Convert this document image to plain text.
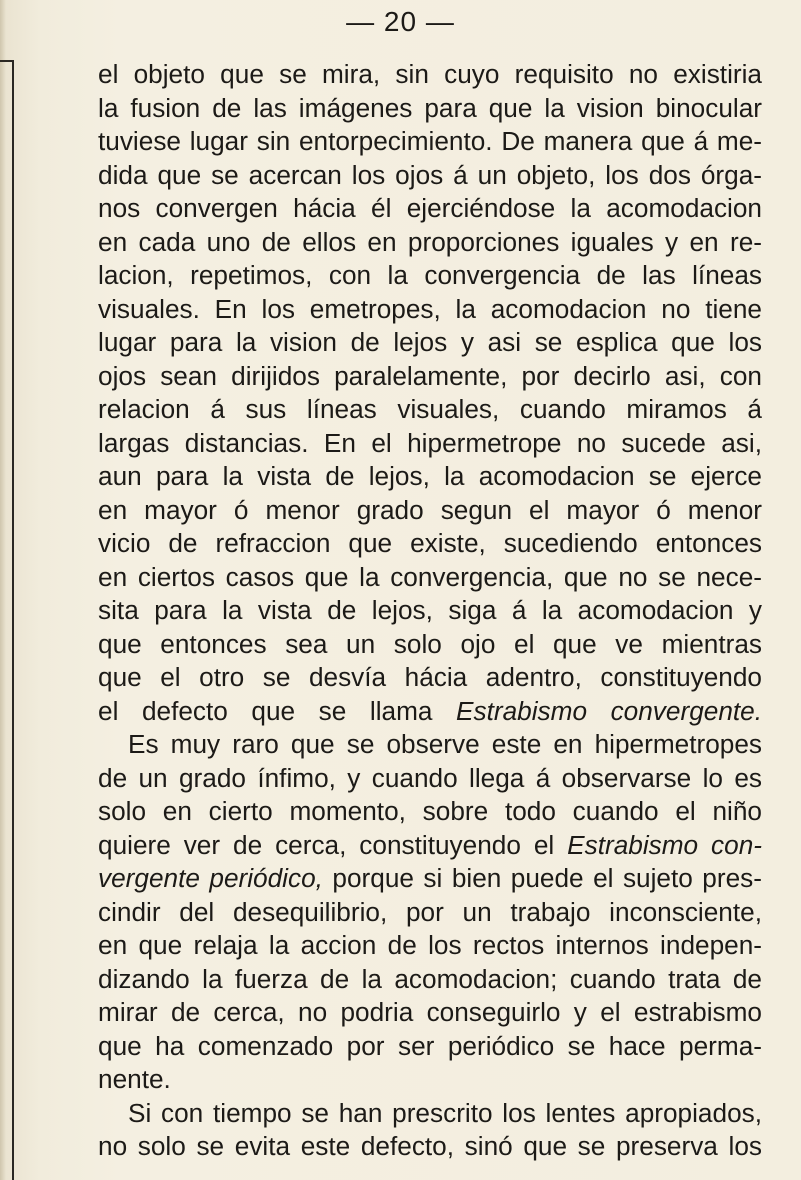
— 20 —
el objeto que se mira, sin cuyo requisito no existiria
la fusion de las imágenes para que la vision binocular
tuviese lugar sin entorpecimiento. De manera que á me-
dida que se acercan los ojos á un objeto, los dos órga-
nos convergen hácia él ejerciéndose la acomodacion
en cada uno de ellos en proporciones iguales y en re-
lacion, repetimos, con la convergencia de las líneas
visuales. En los emetropes, la acomodacion no tiene
lugar para la vision de lejos y asi se esplica que los
ojos sean dirijidos paralelamente, por decirlo asi, con
relacion á sus líneas visuales, cuando miramos á
largas distancias. En el hipermetrope no sucede asi,
aun para la vista de lejos, la acomodacion se ejerce
en mayor ó menor grado segun el mayor ó menor
vicio de refraccion que existe, sucediendo entonces
en ciertos casos que la convergencia, que no se nece-
sita para la vista de lejos, siga á la acomodacion y
que entonces sea un solo ojo el que ve mientras
que el otro se desvía hácia adentro, constituyendo
el defecto que se llama Estrabismo convergente.
Es muy raro que se observe este en hipermetropes
de un grado ínfimo, y cuando llega á observarse lo es
solo en cierto momento, sobre todo cuando el niño
quiere ver de cerca, constituyendo el Estrabismo con-
vergente periódico, porque si bien puede el sujeto pres-
cindir del desequilibrio, por un trabajo inconsciente,
en que relaja la accion de los rectos internos indepen-
dizando la fuerza de la acomodacion; cuando trata de
mirar de cerca, no podria conseguirlo y el estrabismo
que ha comenzado por ser periódico se hace perma-
nente.
Si con tiempo se han prescrito los lentes apropiados,
no solo se evita este defecto, sinó que se preserva los
